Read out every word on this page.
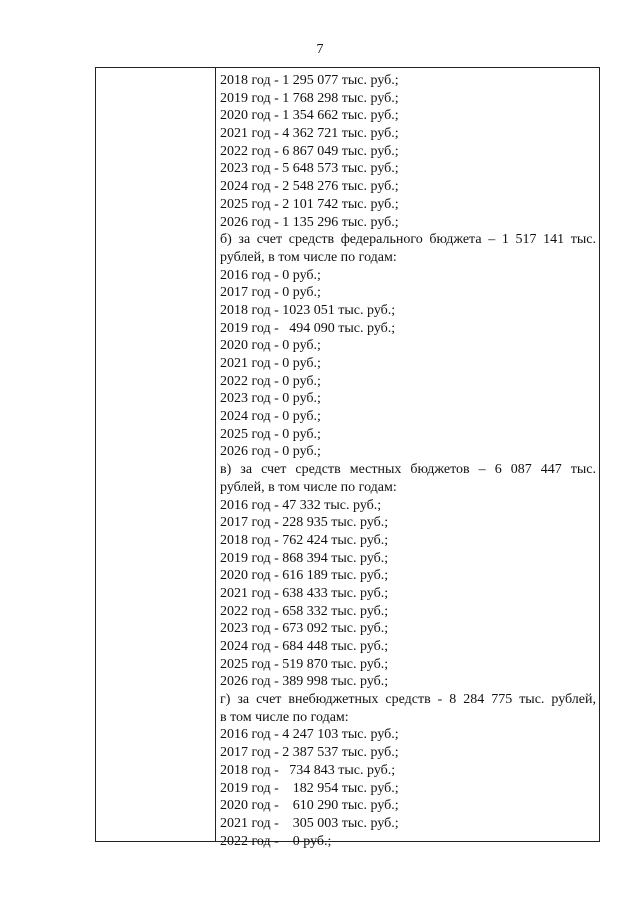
7
2018 год - 1 295 077 тыс. руб.;
2019 год - 1 768 298 тыс. руб.;
2020 год - 1 354 662 тыс. руб.;
2021 год - 4 362 721 тыс. руб.;
2022 год - 6 867 049 тыс. руб.;
2023 год - 5 648 573 тыс. руб.;
2024 год - 2 548 276 тыс. руб.;
2025 год - 2 101 742 тыс. руб.;
2026 год - 1 135 296 тыс. руб.;
б) за счет средств федерального бюджета – 1 517 141 тыс.
рублей, в том числе по годам:
2016 год - 0 руб.;
2017 год - 0 руб.;
2018 год - 1023 051 тыс. руб.;
2019 год -   494 090 тыс. руб.;
2020 год - 0 руб.;
2021 год - 0 руб.;
2022 год - 0 руб.;
2023 год - 0 руб.;
2024 год - 0 руб.;
2025 год - 0 руб.;
2026 год - 0 руб.;
в) за счет средств местных бюджетов – 6 087 447 тыс.
рублей, в том числе по годам:
2016 год - 47 332 тыс. руб.;
2017 год - 228 935 тыс. руб.;
2018 год - 762 424 тыс. руб.;
2019 год - 868 394 тыс. руб.;
2020 год - 616 189 тыс. руб.;
2021 год - 638 433 тыс. руб.;
2022 год - 658 332 тыс. руб.;
2023 год - 673 092 тыс. руб.;
2024 год - 684 448 тыс. руб.;
2025 год - 519 870 тыс. руб.;
2026 год - 389 998 тыс. руб.;
г) за счет внебюджетных средств - 8 284 775 тыс. рублей,
в том числе по годам:
2016 год - 4 247 103 тыс. руб.;
2017 год - 2 387 537 тыс. руб.;
2018 год -   734 843 тыс. руб.;
2019 год -    182 954 тыс. руб.;
2020 год -    610 290 тыс. руб.;
2021 год -    305 003 тыс. руб.;
2022 год -    0 руб.;
